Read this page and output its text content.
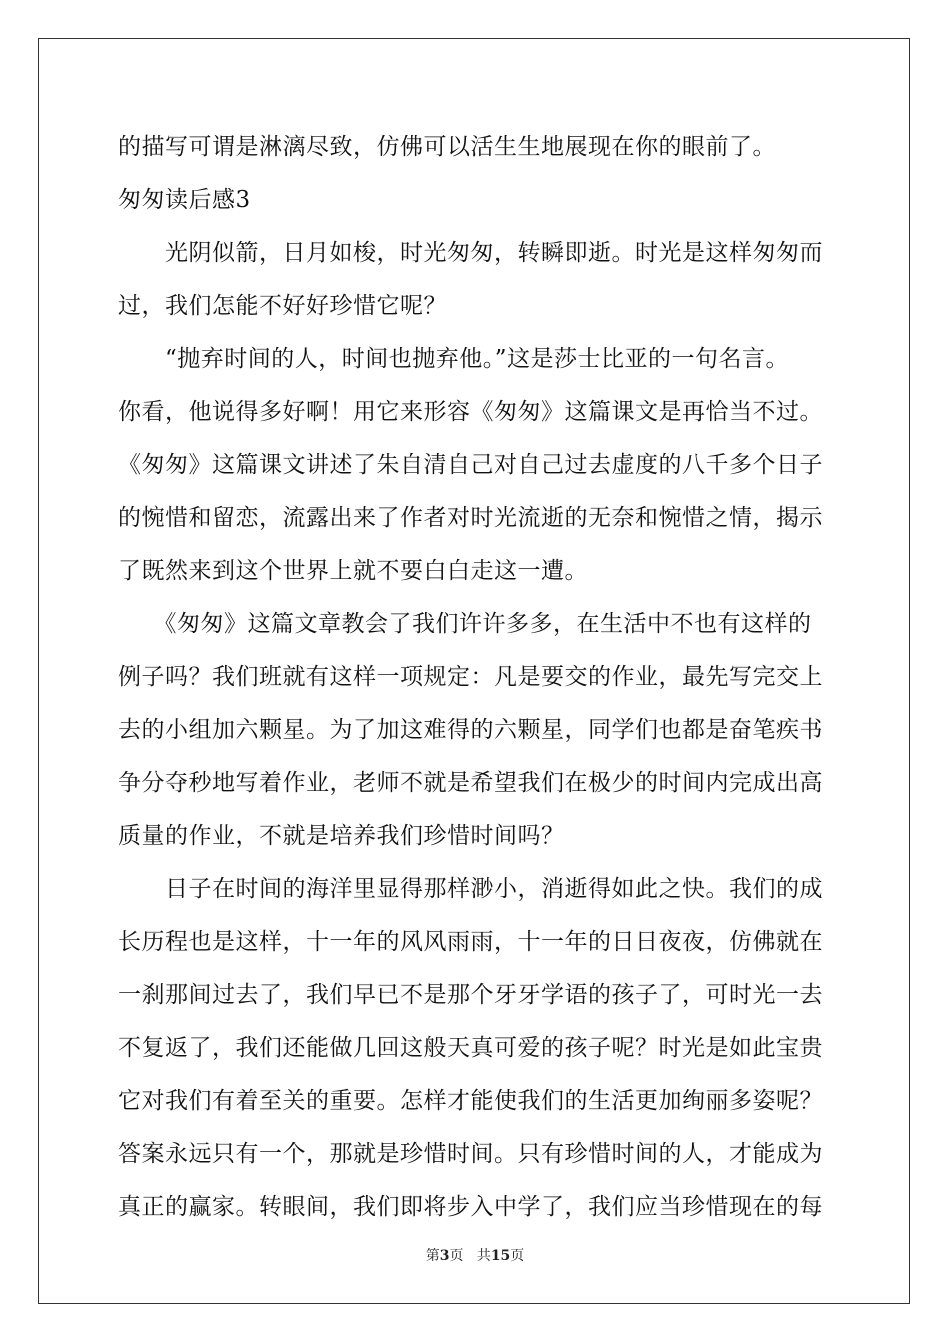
的描写可谓是淋漓尽致，仿佛可以活生生地展现在你的眼前了。
匆匆读后感3
　　光阴似箭，日月如梭，时光匆匆，转瞬即逝。时光是这样匆匆而
过，我们怎能不好好珍惜它呢？
　　“抛弃时间的人，时间也抛弃他。”这是莎士比亚的一句名言。
你看，他说得多好啊！用它来形容《匆匆》这篇课文是再恰当不过。
《匆匆》这篇课文讲述了朱自清自己对自己过去虚度的八千多个日子
的惋惜和留恋，流露出来了作者对时光流逝的无奈和惋惜之情，揭示
了既然来到这个世界上就不要白白走这一遭。
　　《匆匆》这篇文章教会了我们许许多多，在生活中不也有这样的
例子吗？我们班就有这样一项规定：凡是要交的作业，最先写完交上
去的小组加六颗星。为了加这难得的六颗星，同学们也都是奋笔疾书
争分夺秒地写着作业，老师不就是希望我们在极少的时间内完成出高
质量的作业，不就是培养我们珍惜时间吗？
　　日子在时间的海洋里显得那样渺小，消逝得如此之快。我们的成
长历程也是这样，十一年的风风雨雨，十一年的日日夜夜，仿佛就在
一刹那间过去了，我们早已不是那个牙牙学语的孩子了，可时光一去
不复返了，我们还能做几回这般天真可爱的孩子呢？时光是如此宝贵
它对我们有着至关的重要。怎样才能使我们的生活更加绚丽多姿呢？
答案永远只有一个，那就是珍惜时间。只有珍惜时间的人，才能成为
真正的赢家。转眼间，我们即将步入中学了，我们应当珍惜现在的每
第3页 共15页
